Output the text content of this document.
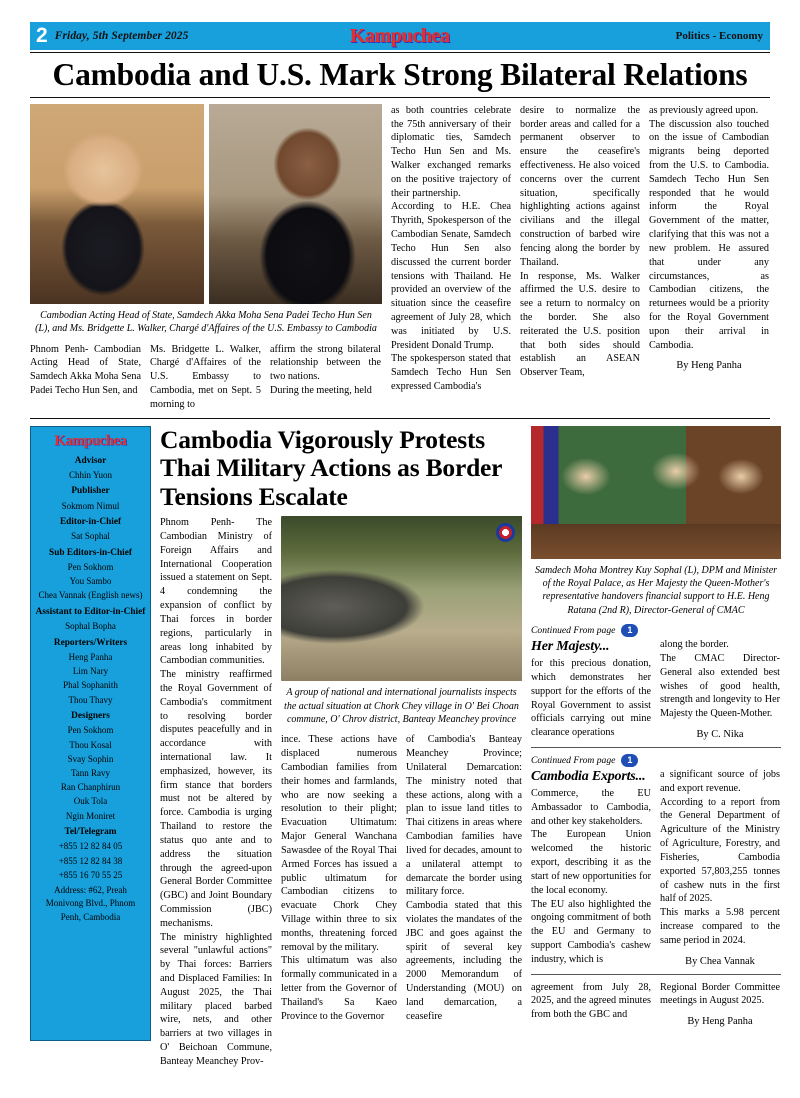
2 Friday, 5th September 2025	Kampuchea	Politics - Economy
Cambodia and U.S. Mark Strong Bilateral Relations
Cambodian Acting Head of State, Samdech Akka Moha Sena Padei Techo Hun Sen (L), and Ms. Bridgette L. Walker, Chargé d'Affaires of the U.S. Embassy to Cambodia
Phnom Penh- Cambodian Acting Head of State, Samdech Akka Moha Sena Padei Techo Hun Sen, and
Ms. Bridgette L. Walker, Chargé d'Affaires of the U.S. Embassy to Cambodia, met on Sept. 5 morning to

affirm the strong bilateral relationship between the two nations.

During the meeting, held

as both countries celebrate the 75th anniversary of their diplomatic ties, Samdech Techo Hun Sen and Ms. Walker exchanged remarks on the positive trajectory of their partnership.

According to H.E. Chea Thyrith, Spokesperson of the Cambodian Senate, Samdech Techo Hun Sen also discussed the current border tensions with Thailand. He provided an overview of the situation since the ceasefire agreement of July 28, which was initiated by U.S. President Donald Trump.

The spokesperson stated that Samdech Techo Hun Sen expressed Cambodia's

desire to normalize the border areas and called for a permanent observer to ensure the ceasefire's effectiveness. He also voiced concerns over the current situation, specifically highlighting actions against civilians and the illegal construction of barbed wire fencing along the border by Thailand.

In response, Ms. Walker affirmed the U.S. desire to see a return to normalcy on the border. She also reiterated the U.S. position that both sides should establish an ASEAN Observer Team,

as previously agreed upon.

The discussion also touched on the issue of Cambodian migrants being deported from the U.S. to Cambodia. Samdech Techo Hun Sen responded that he would inform the Royal Government of the matter, clarifying that this was not a new problem. He assured that under any circumstances, as Cambodian citizens, the returnees would be a priority for the Royal Government upon their arrival in Cambodia.

By Heng Panha
Kampuchea
Advisor
Chhin Yuon
Publisher
Sokmom Nimul
Editor-in-Chief
Sat Sophal
Sub Editors-in-Chief
Pen Sokhom
You Sambo
Chea Vannak (English news)
Assistant to Editor-in-Chief
Sophal Bopha
Reporters/Writers
Heng Panha
Lim Nary
Phal Sophanith
Thou Thavy
Designers
Pen Sokhom
Thou Kosal
Svay Sophin
Tann Ravy
Ran Chanphirun
Ouk Tola
Ngin Moniret
Tel/Telegram
+855 12 82 84 05
+855 12 82 84 38
+855 16 70 55 25
Address: #62, Preah Monivong Blvd., Phnom Penh, Cambodia
Cambodia Vigorously Protests Thai Military Actions as Border Tensions Escalate

Phnom Penh- The Cambodian Ministry of Foreign Affairs and International Cooperation issued a statement on Sept. 4 condemning the expansion of conflict by Thai forces in border regions, particularly in areas long inhabited by Cambodian communities.

The ministry reaffirmed the Royal Government of Cambodia's commitment to resolving border disputes peacefully and in accordance with international law. It emphasized, however, its firm stance that borders must not be altered by force. Cambodia is urging Thailand to restore the status quo ante and to address the situation through the agreed-upon General Border Committee (GBC) and Joint Boundary Commission (JBC) mechanisms.

The ministry highlighted several "unlawful actions" by Thai forces: Barriers and Displaced Families: In August 2025, the Thai military placed barbed wire, nets, and other barriers at two villages in O' Beichoan Commune, Banteay Meanchey Prov-

A group of national and international journalists inspects the actual situation at Chork Chey village in O' Bei Choan commune, O' Chrov district, Banteay Meanchey province

ince. These actions have displaced numerous Cambodian families from their homes and farmlands, who are now seeking a resolution to their plight; Evacuation Ultimatum: Major General Wanchana Sawasdee of the Royal Thai Armed Forces has issued a public ultimatum for Cambodian citizens to evacuate Chork Chey Village within three to six months, threatening forced removal by the military.

This ultimatum was also formally communicated in a letter from the Governor of Thailand's Sa Kaeo Province to the Governor

of Cambodia's Banteay Meanchey Province; Unilateral Demarcation: The ministry noted that these actions, along with a plan to issue land titles to Thai citizens in areas where Cambodian families have lived for decades, amount to a unilateral attempt to demarcate the border using military force.

Cambodia stated that this violates the mandates of the JBC and goes against the spirit of several key agreements, including the 2000 Memorandum of Understanding (MOU) on land demarcation, a ceasefire

Samdech Moha Montrey Kuy Sophal (L), DPM and Minister of the Royal Palace, as Her Majesty the Queen-Mother's representative handovers financial support to H.E. Heng Ratana (2nd R), Director-General of CMAC
Continued From page	1
Her Majesty...
for this precious donation, which demonstrates her support for the efforts of the Royal Government to assist officials carrying out mine clearance operations

along the border.

The CMAC Director-General also extended best wishes of good health, strength and longevity to Her Majesty the Queen-Mother.

By C. Nika
Continued From page	1
Cambodia Exports...

Commerce, the EU Ambassador to Cambodia, and other key stakeholders.

The European Union welcomed the historic export, describing it as the start of new opportunities for the local economy.

The EU also highlighted the ongoing commitment of both the EU and Germany to support Cambodia's cashew industry, which is

a significant source of jobs and export revenue.

According to a report from the General Department of Agriculture of the Ministry of Agriculture, Forestry, and Fisheries, Cambodia exported 57,803,255 tonnes of cashew nuts in the first half of 2025.

This marks a 5.98 percent increase compared to the same period in 2024.

By Chea Vannak
agreement from July 28, 2025, and the agreed minutes from both the GBC and
Regional Border Committee meetings in August 2025.
By Heng Panha
